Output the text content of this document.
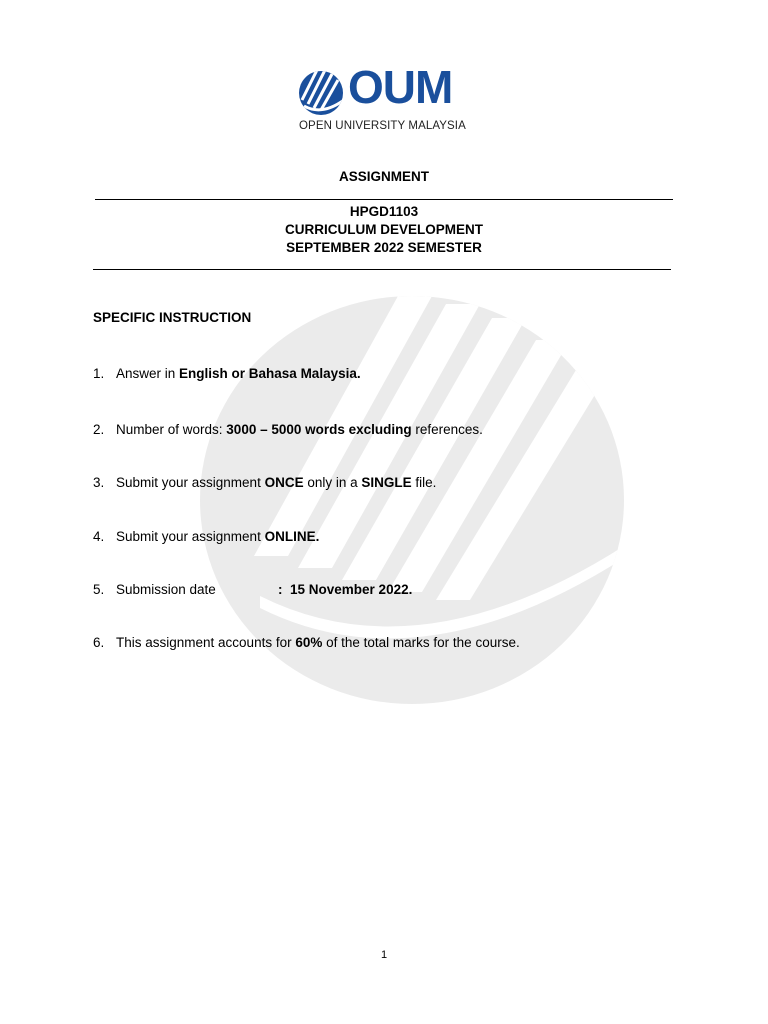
OUM
OPEN UNIVERSITY MALAYSIA
ASSIGNMENT
HPGD1103
CURRICULUM DEVELOPMENT
SEPTEMBER 2022 SEMESTER
SPECIFIC INSTRUCTION
1. Answer in English or Bahasa Malaysia.
2. Number of words: 3000 – 5000 words excluding references.
3. Submit your assignment ONCE only in a SINGLE file.
4. Submit your assignment ONLINE.
5. Submission date	: 15 November 2022.
6. This assignment accounts for 60% of the total marks for the course.
1
